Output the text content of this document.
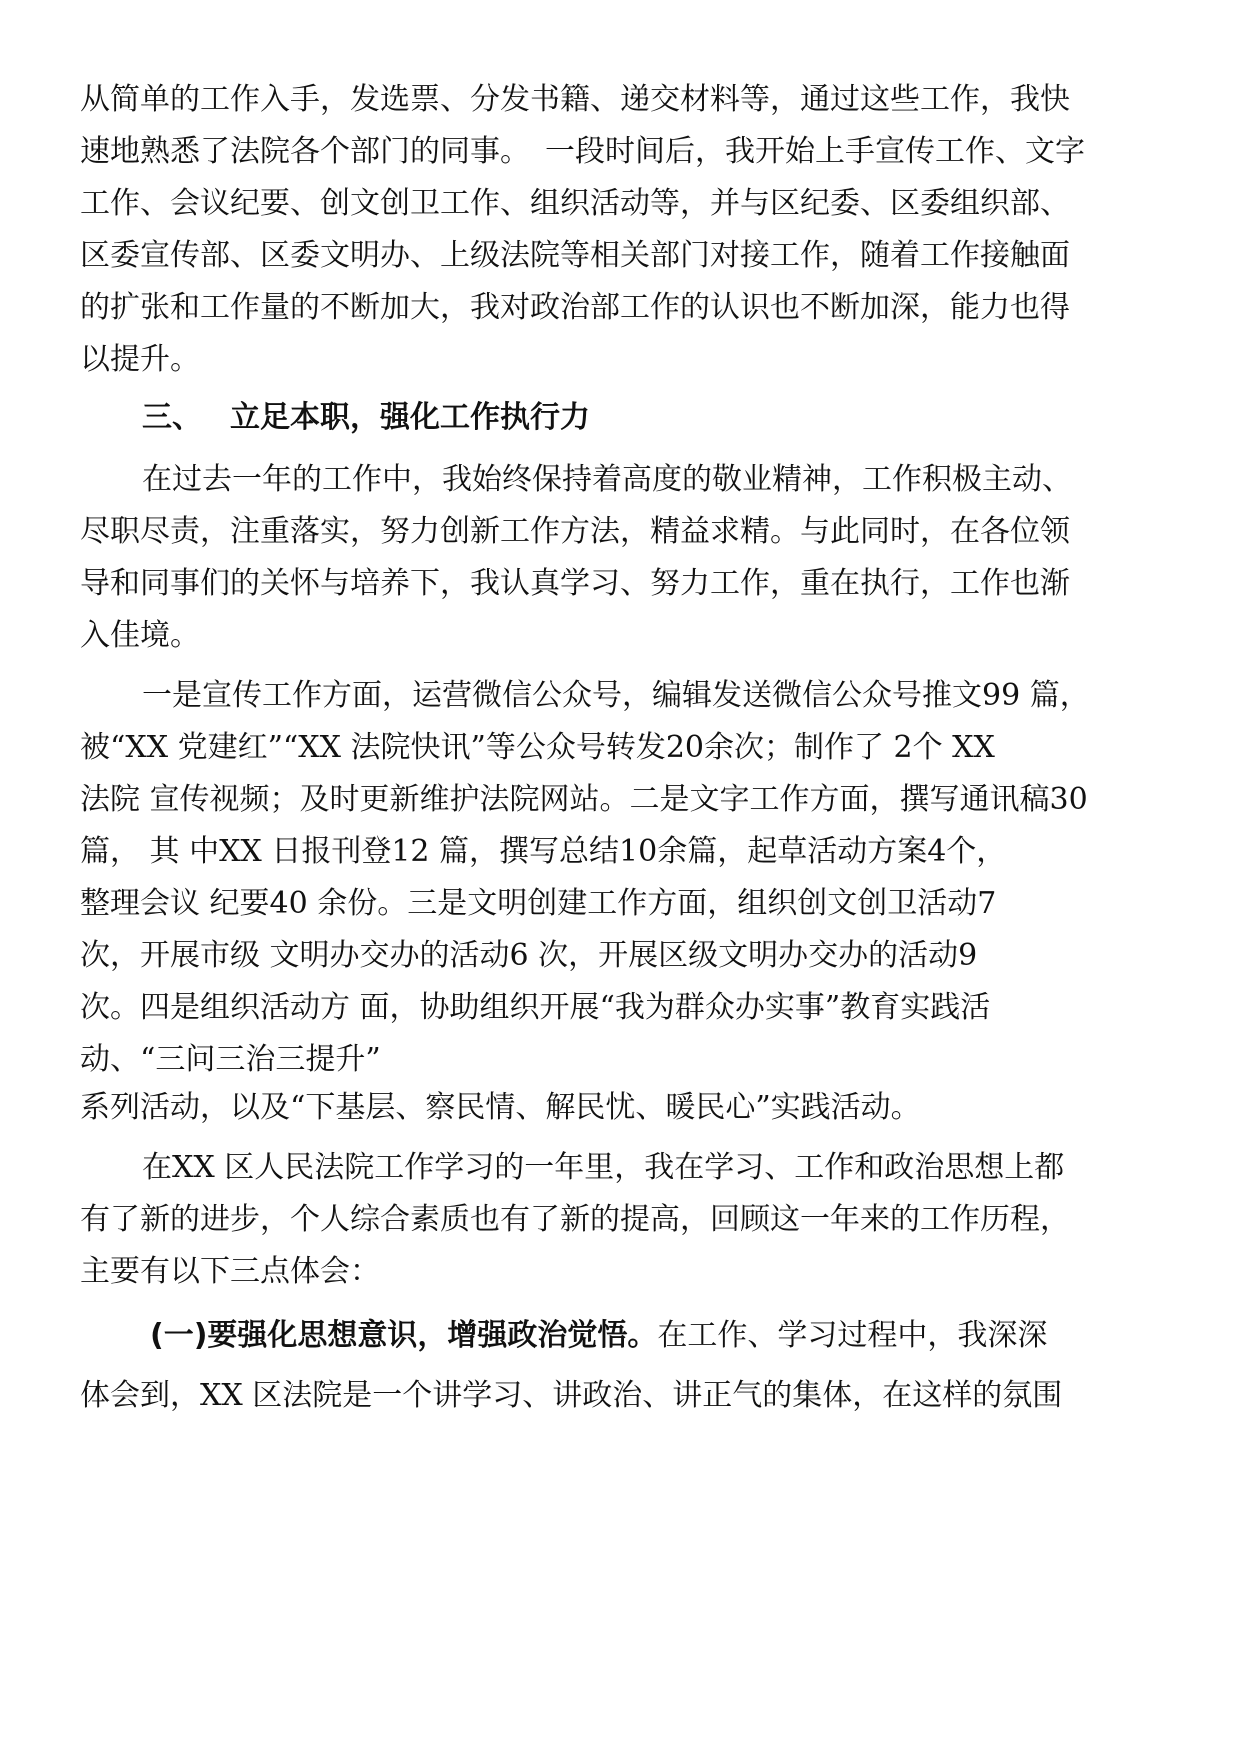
从简单的工作入手，发选票、分发书籍、递交材料等，通过这些工作，我快
速地熟悉了法院各个部门的同事。　一段时间后，我开始上手宣传工作、文字
工作、会议纪要、创文创卫工作、组织活动等，并与区纪委、区委组织部、
区委宣传部、区委文明办、上级法院等相关部门对接工作，随着工作接触面
的扩张和工作量的不断加大，我对政治部工作的认识也不断加深，能力也得
以提升。
三、 立足本职，强化工作执行力
在过去一年的工作中，我始终保持着高度的敬业精神，工作积极主动、
尽职尽责，注重落实，努力创新工作方法，精益求精。与此同时，在各位领
导和同事们的关怀与培养下，我认真学习、努力工作，重在执行，工作也渐
入佳境。
一是宣传工作方面，运营微信公众号，编辑发送微信公众号推文99 篇，
被“XX 党建红”“XX 法院快讯”等公众号转发20余次；制作了 2个 XX
法院 宣传视频；及时更新维护法院网站。二是文字工作方面，撰写通讯稿30
篇， 其 中XX 日报刊登12 篇，撰写总结10余篇，起草活动方案4个，
整理会议 纪要40 余份。三是文明创建工作方面，组织创文创卫活动7
次，开展市级 文明办交办的活动6 次，开展区级文明办交办的活动9
次。四是组织活动方 面，协助组织开展“我为群众办实事”教育实践活
动、“三问三治三提升”
系列活动，以及“下基层、察民情、解民忧、暖民心”实践活动。
在XX 区人民法院工作学习的一年里，我在学习、工作和政治思想上都
有了新的进步，个人综合素质也有了新的提高，回顾这一年来的工作历程，
主要有以下三点体会：
(一)要强化思想意识，增强政治觉悟。在工作、学习过程中，我深深
体会到，XX 区法院是一个讲学习、讲政治、讲正气的集体，在这样的氛围
